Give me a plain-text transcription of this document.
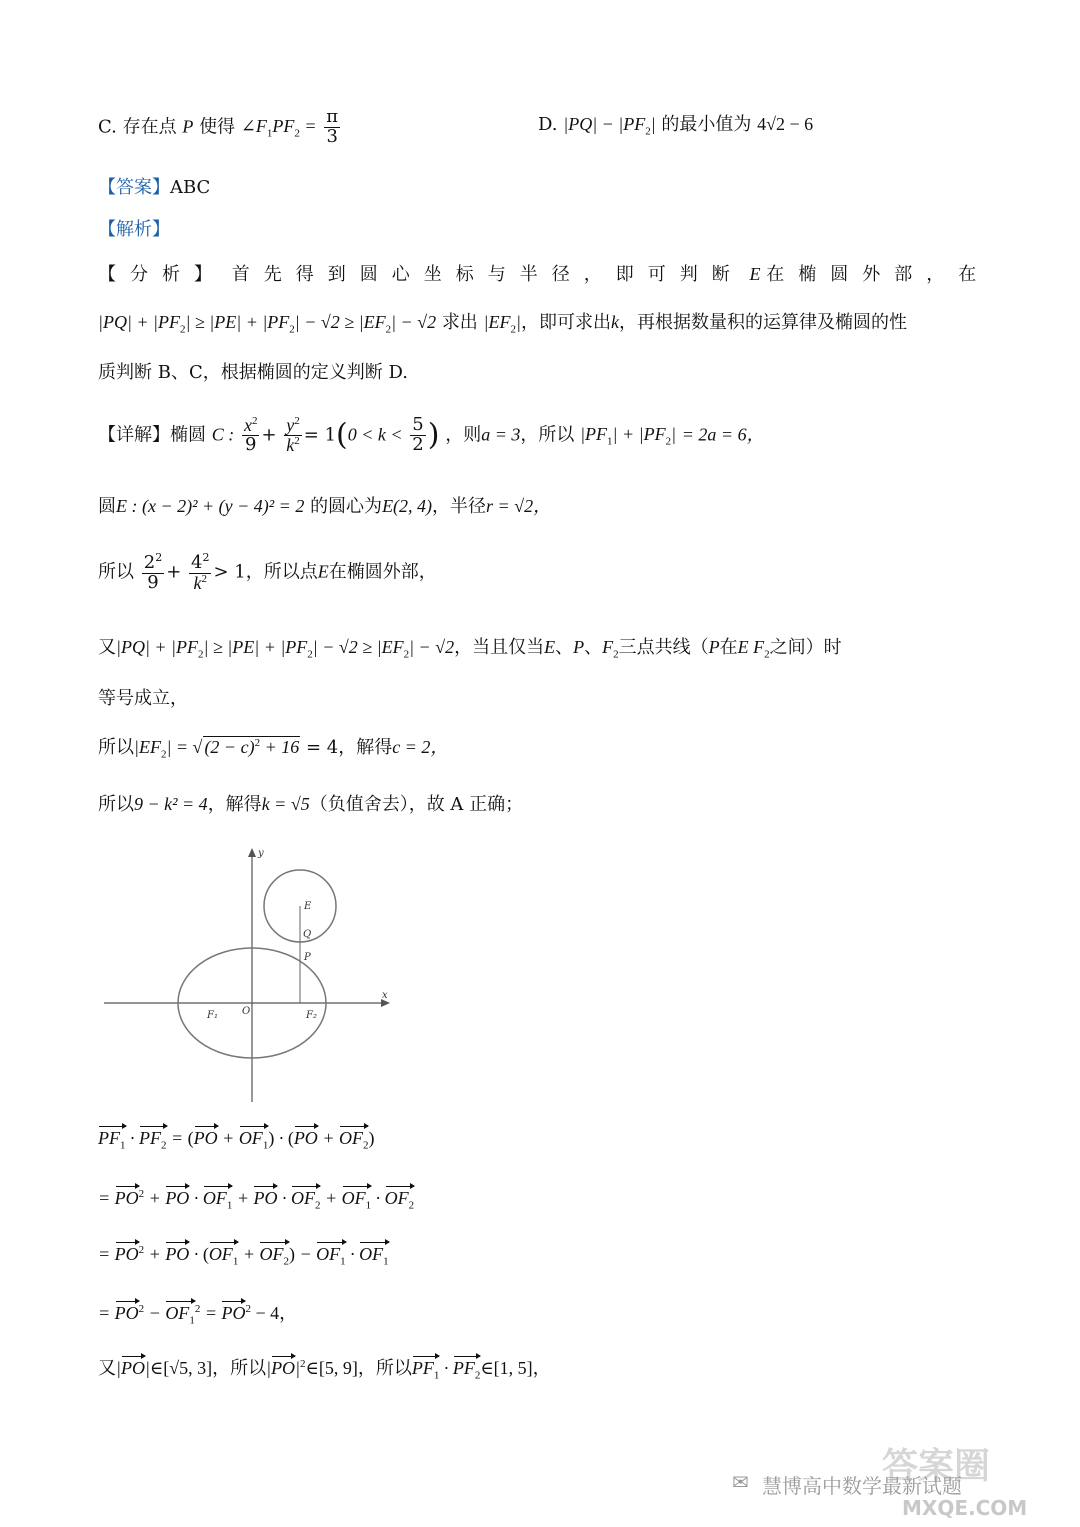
C. 存在点 P 使得 $\angle F_1PF_2 = \frac{\pi}{3}$	D. $|PQ| - |PF_2|$ 的最小值为 4√2 − 6
【答案】ABC
【解析】
【分析】 首先得到圆心坐标与半径，即可判断 E 在椭圆外部，在
$|PQ| + |PF_2| \ge |PE| + |PF_2| - √2 \ge |EF_2| - √2$ 求出 $|EF_2|$，即可求出k，再根据数量积的运算律及椭圆的性
质判断 B、C，根据椭圆的定义判断 D.
【详解】椭圆 C : $\frac{x^2}{9} + \frac{y^2}{k^2} = 1(0 < k < \frac{5}{2}$ ) ，则a = 3，所以 $|PF_1| + |PF_2| = 2a = 6$，
圆E : (x − 2)² + (y − 4)² = 2 的圆心为E(2, 4)，半径r = √2，
所以 $\frac{2^2}{9} + \frac{4^2}{k^2} > 1$，所以点E在椭圆外部，
又$|PQ| + |PF_2| \ge |PE| + |PF_2| - √2 \ge |EF_2| - √2$，当且仅当E、P、$F_2$三点共线（P在E $F_2$之间）时
等号成立，
所以$|EF_2|$ = √ $(2 - c)^2 + 16 = 4$，解得c = 2，
所以9 − k² = 4，解得k = √5（负值舍去），故 A 正确；
y
x
E
Q
P
F₁ O	F₂
$PF_1 \cdot PF_2 = (PO + OF_1) \cdot (PO + OF_2)$
= $PO^2$ + PO · $OF_1$ + PO · $OF_2 + OF_1 \cdot OF_2$
= $PO^2$ + PO · $(OF_1 + OF_2) - OF_1 \cdot OF_1$
= $PO^2 - OF_1^2 = PO^2 - 4$，
又|PO|∈[√5, 3]，所以$|PO|^2\in[5$, 9]，所以$PF_1$ · $PF_2\in[1$, 5]，
答案圈
✉ 慧博高中数学最新试题
MXQE.COM
